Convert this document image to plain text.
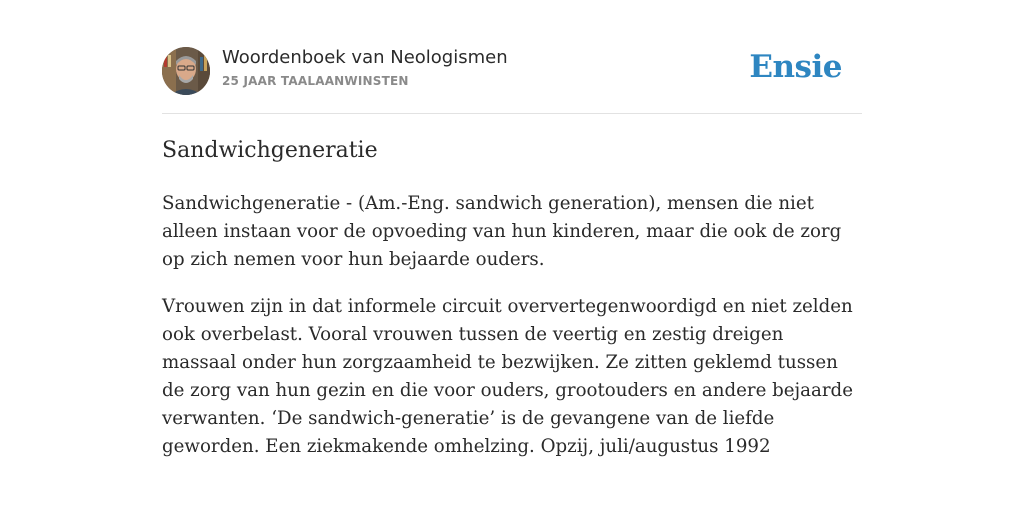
Woordenboek van Neologismen
25 JAAR TAALAANWINSTEN	Ensie
Sandwichgeneratie

Sandwichgeneratie - (Am.-Eng. sandwich generation), mensen die niet alleen instaan voor de opvoeding van hun kinderen, maar die ook de zorg op zich nemen voor hun bejaarde ouders.

Vrouwen zijn in dat informele circuit oververtegenwoordigd en niet zelden ook overbelast. Vooral vrouwen tussen de veertig en zestig dreigen massaal onder hun zorgzaamheid te bezwijken. Ze zitten geklemd tussen de zorg van hun gezin en die voor ouders, grootouders en andere bejaarde verwanten. ‘De sandwich-generatie’ is de gevangene van de liefde geworden. Een ziekmakende omhelzing. Opzij, juli/augustus 1992
